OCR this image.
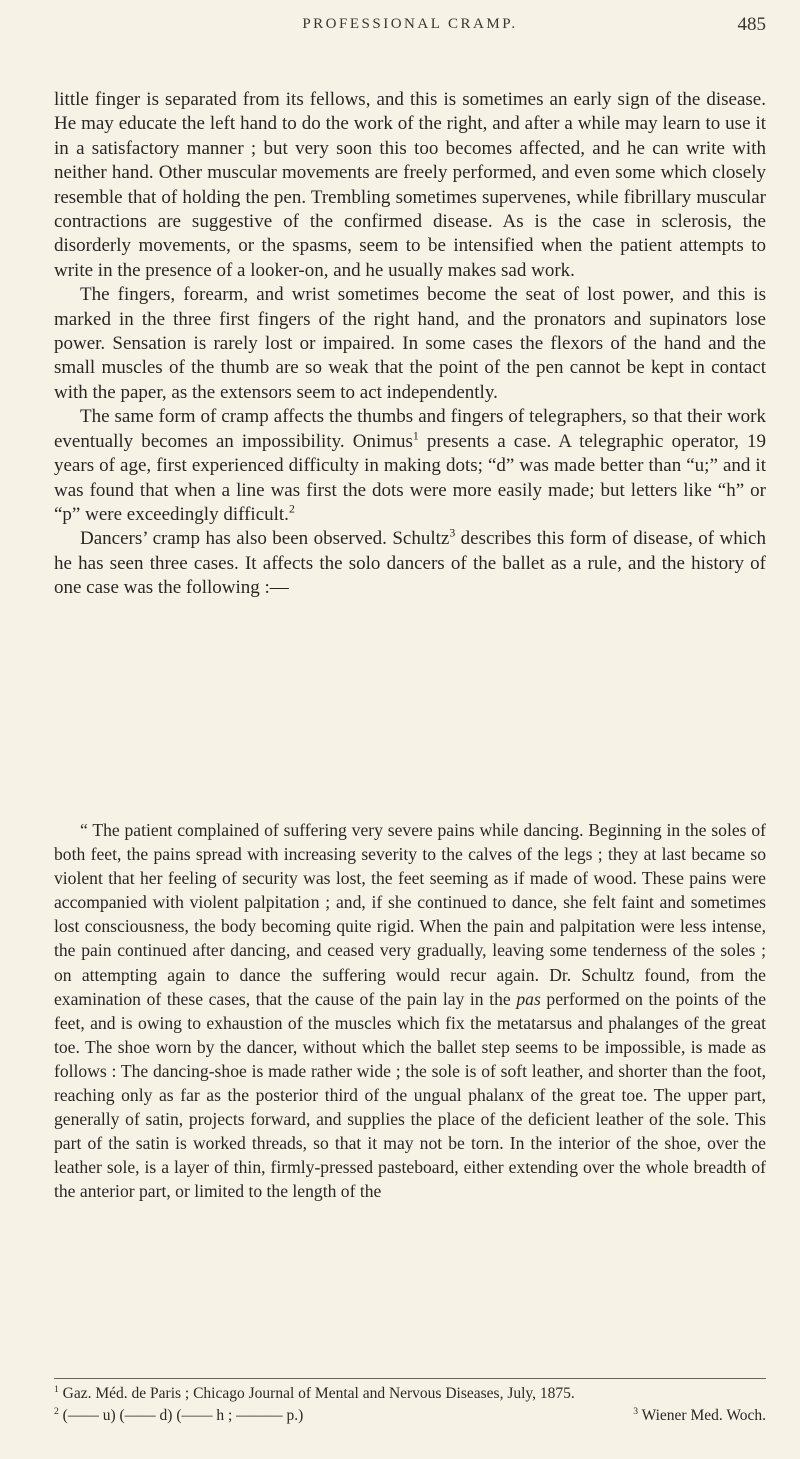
PROFESSIONAL CRAMP.	485

little finger is separated from its fellows, and this is sometimes an early sign of the disease. He may educate the left hand to do the work of the right, and after a while may learn to use it in a satisfactory manner ; but very soon this too becomes affected, and he can write with neither hand. Other muscular movements are freely performed, and even some which closely resemble that of holding the pen. Trembling sometimes supervenes, while fibrillary muscular contractions are suggestive of the confirmed disease. As is the case in sclerosis, the disorderly movements, or the spasms, seem to be intensified when the patient attempts to write in the presence of a looker-on, and he usually makes sad work.

The fingers, forearm, and wrist sometimes become the seat of lost power, and this is marked in the three first fingers of the right hand, and the pronators and supinators lose power. Sensation is rarely lost or impaired. In some cases the flexors of the hand and the small muscles of the thumb are so weak that the point of the pen cannot be kept in contact with the paper, as the extensors seem to act independently.

The same form of cramp affects the thumbs and fingers of telegraphers, so that their work eventually becomes an impossibility. Onimus$^1$ presents a case. A telegraphic operator, 19 years of age, first experienced difficulty in making dots; “d” was made better than “u;” and it was found that when a line was first the dots were more easily made; but letters like “h” or “p” were exceedingly difficult.$^2$

Dancers’ cramp has also been observed. Schultz$^3$ describes this form of disease, of which he has seen three cases. It affects the solo dancers of the ballet as a rule, and the history of one case was the following :—

“ The patient complained of suffering very severe pains while dancing. Beginning in the soles of both feet, the pains spread with increasing severity to the calves of the legs ; they at last became so violent that her feeling of security was lost, the feet seeming as if made of wood. These pains were accompanied with violent palpitation ; and, if she continued to dance, she felt faint and sometimes lost consciousness, the body becoming quite rigid. When the pain and palpitation were less intense, the pain continued after dancing, and ceased very gradually, leaving some tenderness of the soles ; on attempting again to dance the suffering would recur again. Dr. Schultz found, from the examination of these cases, that the cause of the pain lay in the pas performed on the points of the feet, and is owing to exhaustion of the muscles which fix the metatarsus and phalanges of the great toe. The shoe worn by the dancer, without which the ballet step seems to be impossible, is made as follows : The dancing-shoe is made rather wide ; the sole is of soft leather, and shorter than the foot, reaching only as far as the posterior third of the ungual phalanx of the great toe. The upper part, generally of satin, projects forward, and supplies the place of the deficient leather of the sole. This part of the satin is worked threads, so that it may not be torn. In the interior of the shoe, over the leather sole, is a layer of thin, firmly-pressed pasteboard, either extending over the whole breadth of the anterior part, or limited to the length of the

$^1$ Gaz. Méd. de Paris ; Chicago Journal of Mental and Nervous Diseases, July, 1875.

$^2$ (—— u) (—— d) (—— h ; ——— p.)	$^3$ Wiener Med. Woch.
